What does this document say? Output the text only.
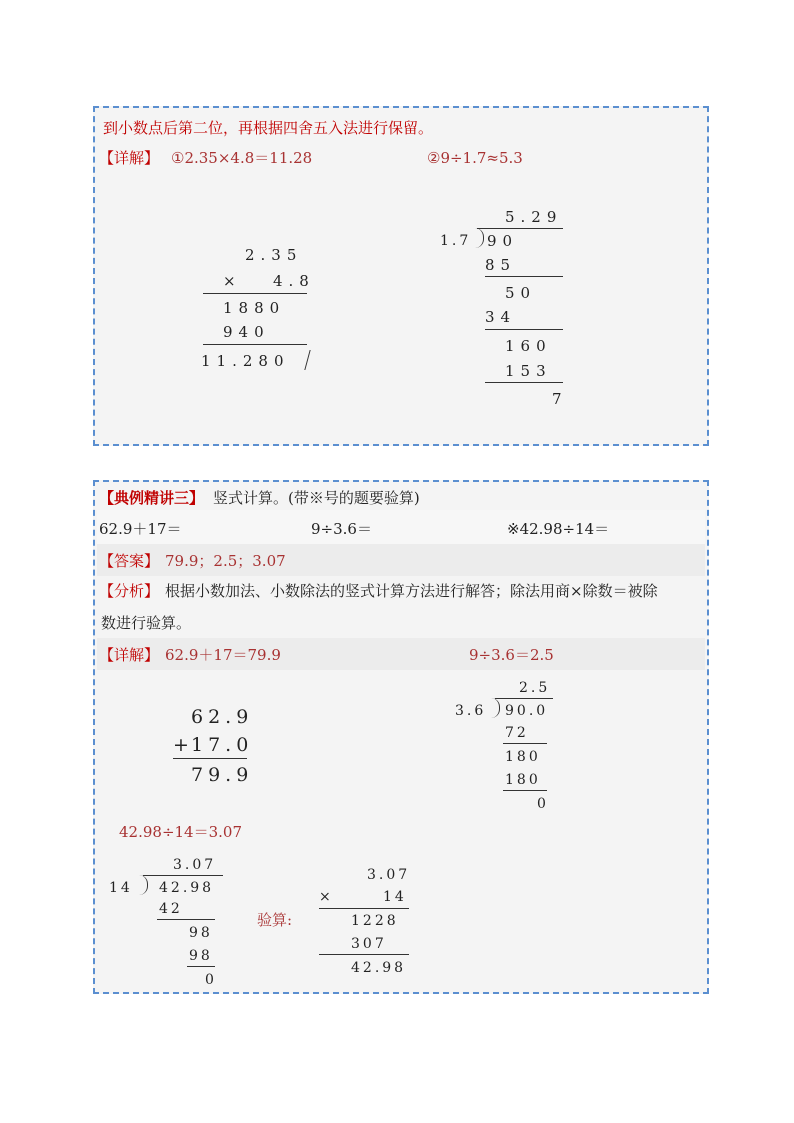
到小数点后第二位，再根据四舍五入法进行保留。
【详解】 ①2.35×4.8＝11.28	②9÷1.7≈5.3
2.35
× 4.8
1880
940
11.280
5.29
1.7 90
85
50
34
160
153
7
【典例精讲三】 竖式计算。(带※号的题要验算)
62.9＋17＝	9÷3.6＝	※42.98÷14＝
【答案】 79.9；2.5；3.07
【分析】 根据小数加法、小数除法的竖式计算方法进行解答；除法用商×除数＝被除
数进行验算。
【详解】 62.9＋17＝79.9	9÷3.6＝2.5
62.9
+
17.0
79.9
2.5
3.6 90.0
72
180
180
0
42.98÷14＝3.07
3.07
14 42.98
42
98
98
0
验算:
3.07
×	14
1228
307
42.98
